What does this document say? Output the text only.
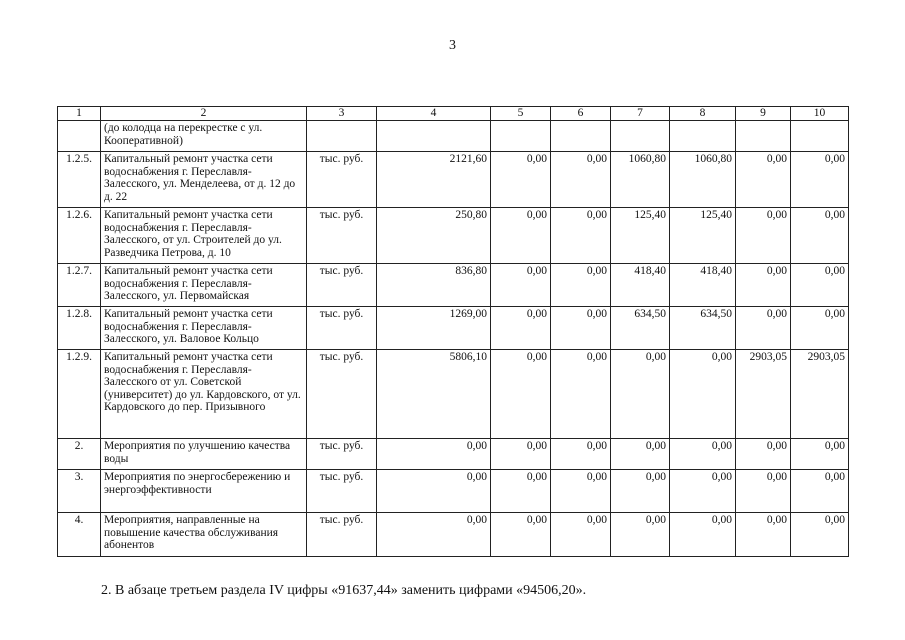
3
1	2	3	4	5	6	7	8	9	10
	(до колодца на перекрестке с ул. Кооперативной)								
1.2.5.	Капитальный ремонт участка сети водоснабжения г. Переславля-Залесского, ул. Менделеева, от д. 12 до д. 22	тыс. руб.	2121,60	0,00	0,00	1060,80	1060,80	0,00	0,00
1.2.6.	Капитальный ремонт участка сети водоснабжения г. Переславля-Залесского, от ул. Строителей до ул. Разведчика Петрова, д. 10	тыс. руб.	250,80	0,00	0,00	125,40	125,40	0,00	0,00
1.2.7.	Капитальный ремонт участка сети водоснабжения г. Переславля-Залесского, ул. Первомайская	тыс. руб.	836,80	0,00	0,00	418,40	418,40	0,00	0,00
1.2.8.	Капитальный ремонт участка сети водоснабжения г. Переславля-Залесского, ул. Валовое Кольцо	тыс. руб.	1269,00	0,00	0,00	634,50	634,50	0,00	0,00
1.2.9.	Капитальный ремонт участка сети водоснабжения г. Переславля-Залесского от ул. Советской (университет) до ул. Кардовского, от ул. Кардовского до пер. Призывного	тыс. руб.	5806,10	0,00	0,00	0,00	0,00	2903,05	2903,05
2.	Мероприятия по улучшению качества воды	тыс. руб.	0,00	0,00	0,00	0,00	0,00	0,00	0,00
3.	Мероприятия по энергосбережению и энергоэффективности	тыс. руб.	0,00	0,00	0,00	0,00	0,00	0,00	0,00
4.	Мероприятия, направленные на повышение качества обслуживания абонентов	тыс. руб.	0,00	0,00	0,00	0,00	0,00	0,00	0,00
2. В абзаце третьем раздела IV цифры «91637,44» заменить цифрами «94506,20».
